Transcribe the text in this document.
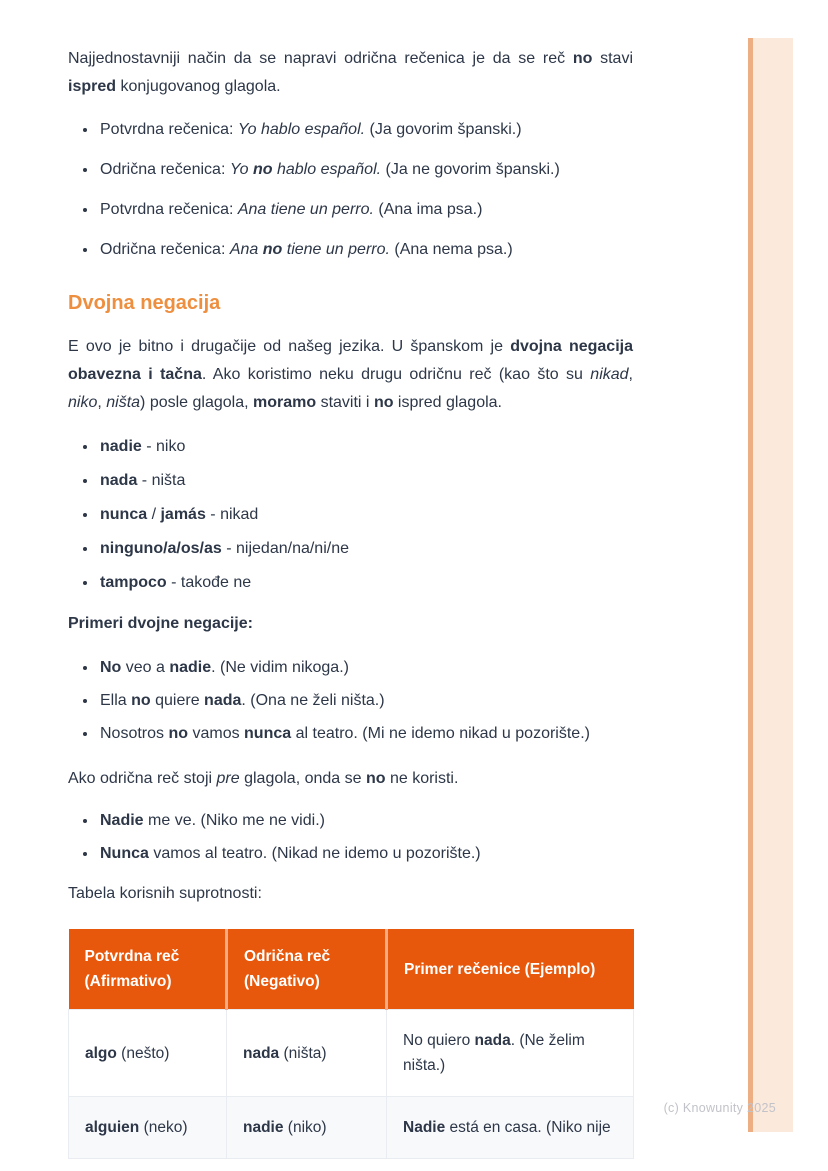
Najjednostavniji način da se napravi odrična rečenica je da se reč no stavi ispred konjugovanog glagola.

• Potvrdna rečenica: Yo hablo español. (Ja govorim španski.)
• Odrična rečenica: Yo no hablo español. (Ja ne govorim španski.)
• Potvrdna rečenica: Ana tiene un perro. (Ana ima psa.)
• Odrična rečenica: Ana no tiene un perro. (Ana nema psa.)
Dvojna negacija

E ovo je bitno i drugačije od našeg jezika. U španskom je dvojna negacija obavezna i tačna. Ako koristimo neku drugu odričnu reč (kao što su nikad, niko, ništa) posle glagola, moramo staviti i no ispred glagola.

• nadie - niko
• nada - ništa
• nunca / jamás - nikad
• ninguno/a/os/as - nijedan/na/ni/ne
• tampoco - takođe ne

Primeri dvojne negacije:

• No veo a nadie. (Ne vidim nikoga.)
• Ella no quiere nada. (Ona ne želi ništa.)
• Nosotros no vamos nunca al teatro. (Mi ne idemo nikad u pozorište.)

Ako odrična reč stoji pre glagola, onda se no ne koristi.

• Nadie me ve. (Niko me ne vidi.)
• Nunca vamos al teatro. (Nikad ne idemo u pozorište.)

Tabela korisnih suprotnosti:

Potvrdna reč (Afirmativo)	Odrična reč (Negativo)	Primer rečenice (Ejemplo)
algo (nešto)	nada (ništa)	No quiero nada. (Ne želim ništa.)
alguien (neko)	nadie (niko)	Nadie está en casa. (Niko nije
(c) Knowunity 2025
